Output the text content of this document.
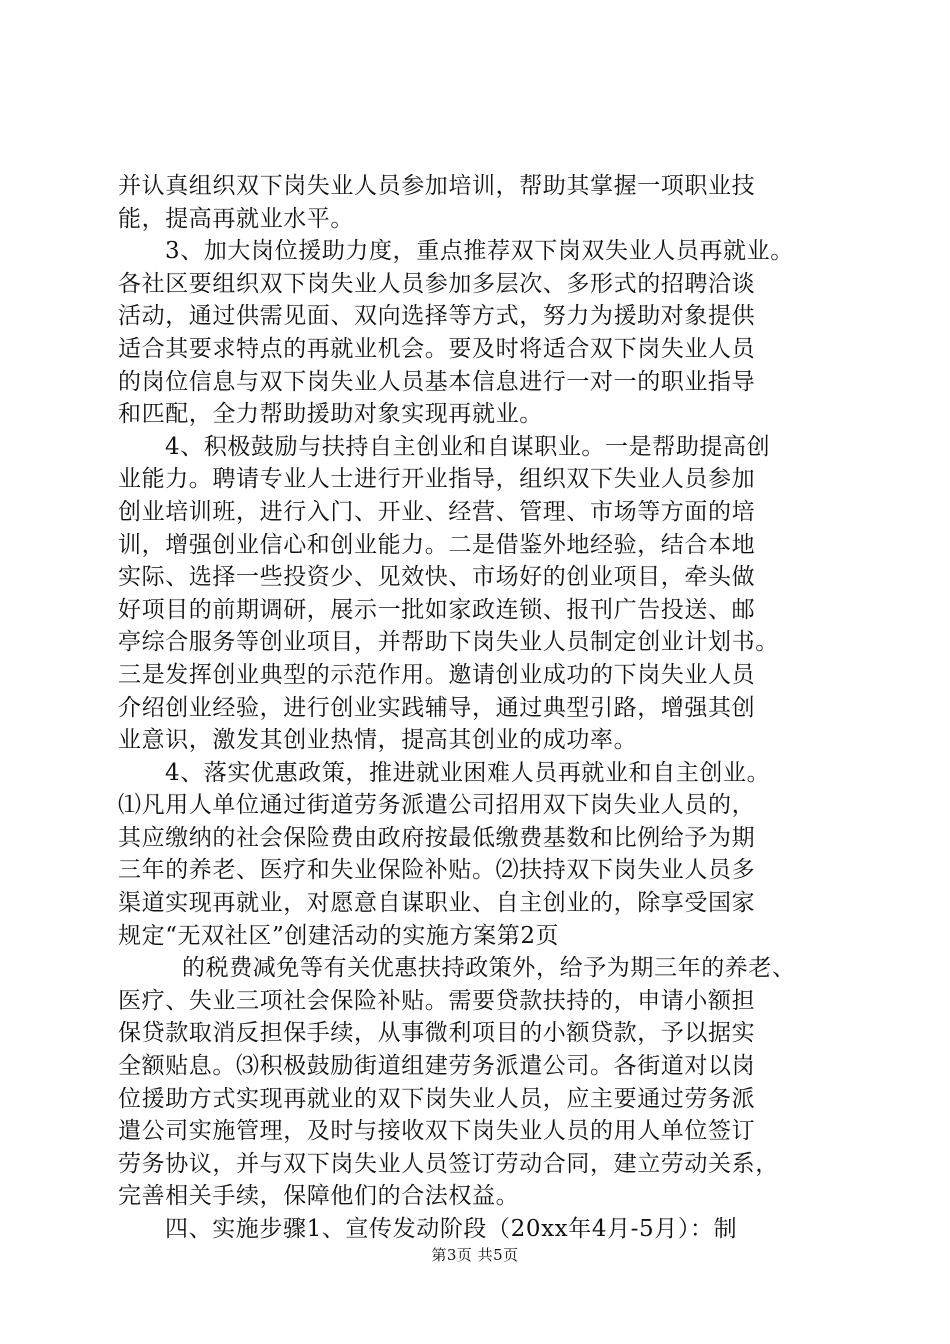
并认真组织双下岗失业人员参加培训，帮助其掌握一项职业技
能，提高再就业水平。
3、加大岗位援助力度，重点推荐双下岗双失业人员再就业。
各社区要组织双下岗失业人员参加多层次、多形式的招聘洽谈
活动，通过供需见面、双向选择等方式，努力为援助对象提供
适合其要求特点的再就业机会。要及时将适合双下岗失业人员
的岗位信息与双下岗失业人员基本信息进行一对一的职业指导
和匹配，全力帮助援助对象实现再就业。
4、积极鼓励与扶持自主创业和自谋职业。一是帮助提高创
业能力。聘请专业人士进行开业指导，组织双下失业人员参加
创业培训班，进行入门、开业、经营、管理、市场等方面的培
训，增强创业信心和创业能力。二是借鉴外地经验，结合本地
实际、选择一些投资少、见效快、市场好的创业项目，牵头做
好项目的前期调研，展示一批如家政连锁、报刊广告投送、邮
亭综合服务等创业项目，并帮助下岗失业人员制定创业计划书。
三是发挥创业典型的示范作用。邀请创业成功的下岗失业人员
介绍创业经验，进行创业实践辅导，通过典型引路，增强其创
业意识，激发其创业热情，提高其创业的成功率。
4、落实优惠政策，推进就业困难人员再就业和自主创业。
⑴凡用人单位通过街道劳务派遣公司招用双下岗失业人员的，
其应缴纳的社会保险费由政府按最低缴费基数和比例给予为期
三年的养老、医疗和失业保险补贴。⑵扶持双下岗失业人员多
渠道实现再就业，对愿意自谋职业、自主创业的，除享受国家
规定“无双社区”创建活动的实施方案第2页
的税费减免等有关优惠扶持政策外，给予为期三年的养老、
医疗、失业三项社会保险补贴。需要贷款扶持的，申请小额担
保贷款取消反担保手续，从事微利项目的小额贷款，予以据实
全额贴息。⑶积极鼓励街道组建劳务派遣公司。各街道对以岗
位援助方式实现再就业的双下岗失业人员，应主要通过劳务派
遣公司实施管理，及时与接收双下岗失业人员的用人单位签订
劳务协议，并与双下岗失业人员签订劳动合同，建立劳动关系，
完善相关手续，保障他们的合法权益。
四、实施步骤1、宣传发动阶段（20xx年4月-5月）：制
第3页 共5页
